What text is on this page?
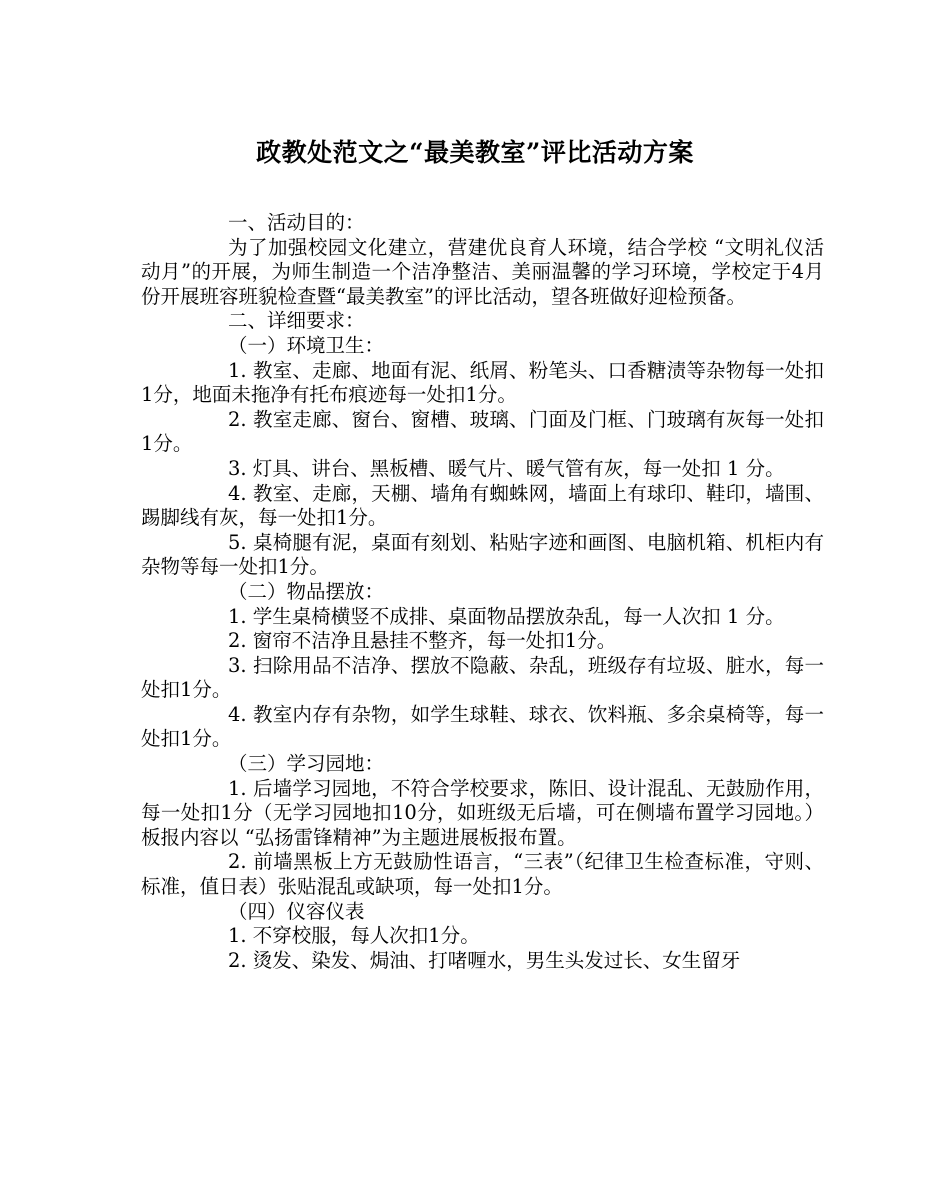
政教处范文之“最美教室”评比活动方案

一、活动目的：

为了加强校园文化建立，营建优良育人环境，结合学校 “文明礼仪活动月”的开展，为师生制造一个洁净整洁、美丽温馨的学习环境，学校定于4月份开展班容班貌检查暨“最美教室”的评比活动，望各班做好迎检预备。

二、详细要求：

（一）环境卫生：

1. 教室、走廊、地面有泥、纸屑、粉笔头、口香糖渍等杂物每一处扣1分，地面未拖净有托布痕迹每一处扣1分。

2. 教室走廊、窗台、窗槽、玻璃、门面及门框、门玻璃有灰每一处扣1分。

3. 灯具、讲台、黑板槽、暖气片、暖气管有灰，每一处扣 1 分。

4. 教室、走廊，天棚、墙角有蜘蛛网，墙面上有球印、鞋印，墙围、踢脚线有灰，每一处扣1分。

5. 桌椅腿有泥，桌面有刻划、粘贴字迹和画图、电脑机箱、机柜内有杂物等每一处扣1分。

（二）物品摆放：

1. 学生桌椅横竖不成排、桌面物品摆放杂乱，每一人次扣 1 分。

2. 窗帘不洁净且悬挂不整齐，每一处扣1分。

3. 扫除用品不洁净、摆放不隐蔽、杂乱，班级存有垃圾、脏水，每一处扣1分。

4. 教室内存有杂物，如学生球鞋、球衣、饮料瓶、多余桌椅等，每一处扣1分。

（三）学习园地：

1. 后墙学习园地，不符合学校要求，陈旧、设计混乱、无鼓励作用，每一处扣1分（无学习园地扣10分，如班级无后墙，可在侧墙布置学习园地。）板报内容以 “弘扬雷锋精神”为主题进展板报布置。

2. 前墙黑板上方无鼓励性语言，“三表”（纪律卫生检查标准，守则、标准，值日表）张贴混乱或缺项，每一处扣1分。

（四）仪容仪表

1. 不穿校服，每人次扣1分。

2. 烫发、染发、焗油、打啫喱水，男生头发过长、女生留牙
